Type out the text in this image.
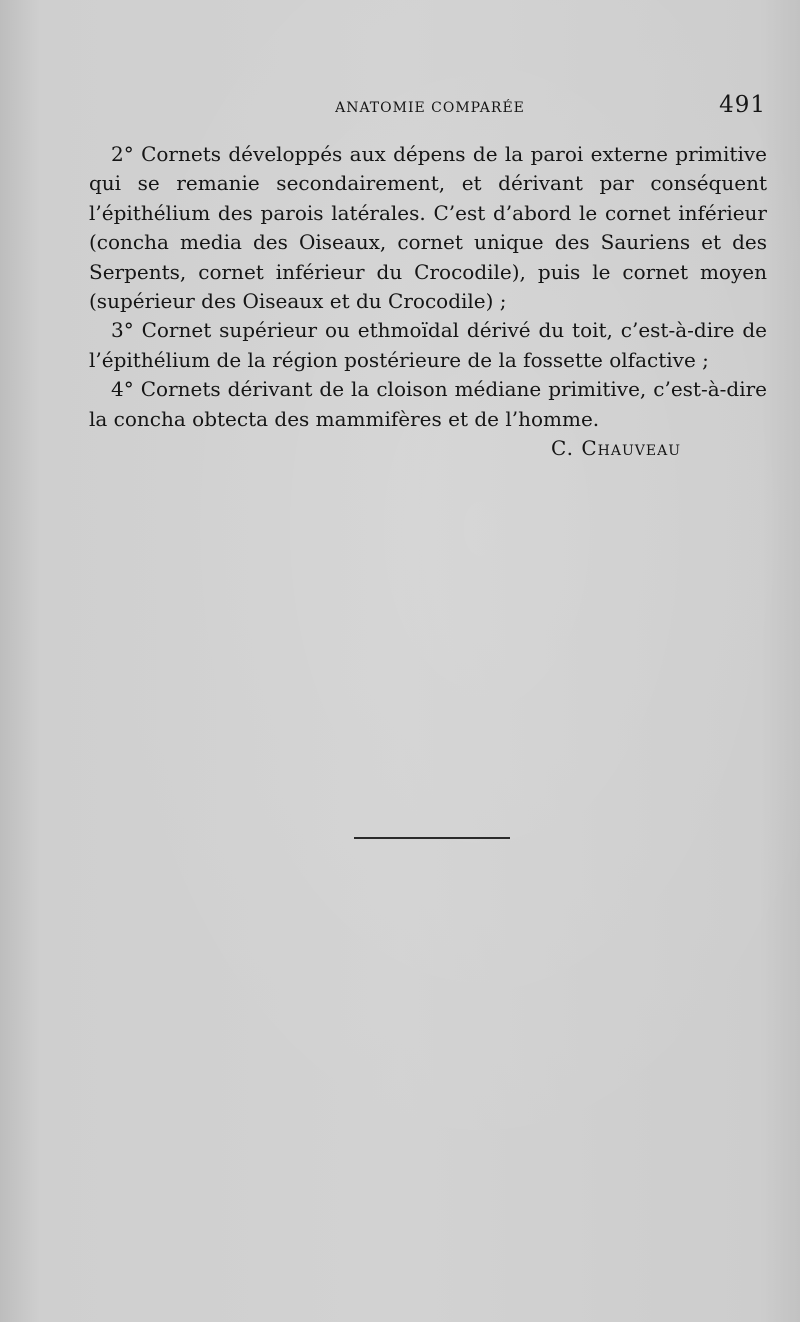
ANATOMIE COMPARÉE	491

2° Cornets développés aux dépens de la paroi externe primitive qui se remanie secondairement, et dérivant par conséquent l’épithélium des parois latérales. C’est d’abord le cornet inférieur (concha media des Oiseaux, cornet unique des Sauriens et des Serpents, cornet inférieur du Crocodile), puis le cornet moyen (supérieur des Oiseaux et du Crocodile) ;

3° Cornet supérieur ou ethmoïdal dérivé du toit, c’est-à-dire de l’épithélium de la région postérieure de la fossette olfactive ;

4° Cornets dérivant de la cloison médiane primitive, c’est-à-dire la concha obtecta des mammifères et de l’homme.

C. Chauveau
